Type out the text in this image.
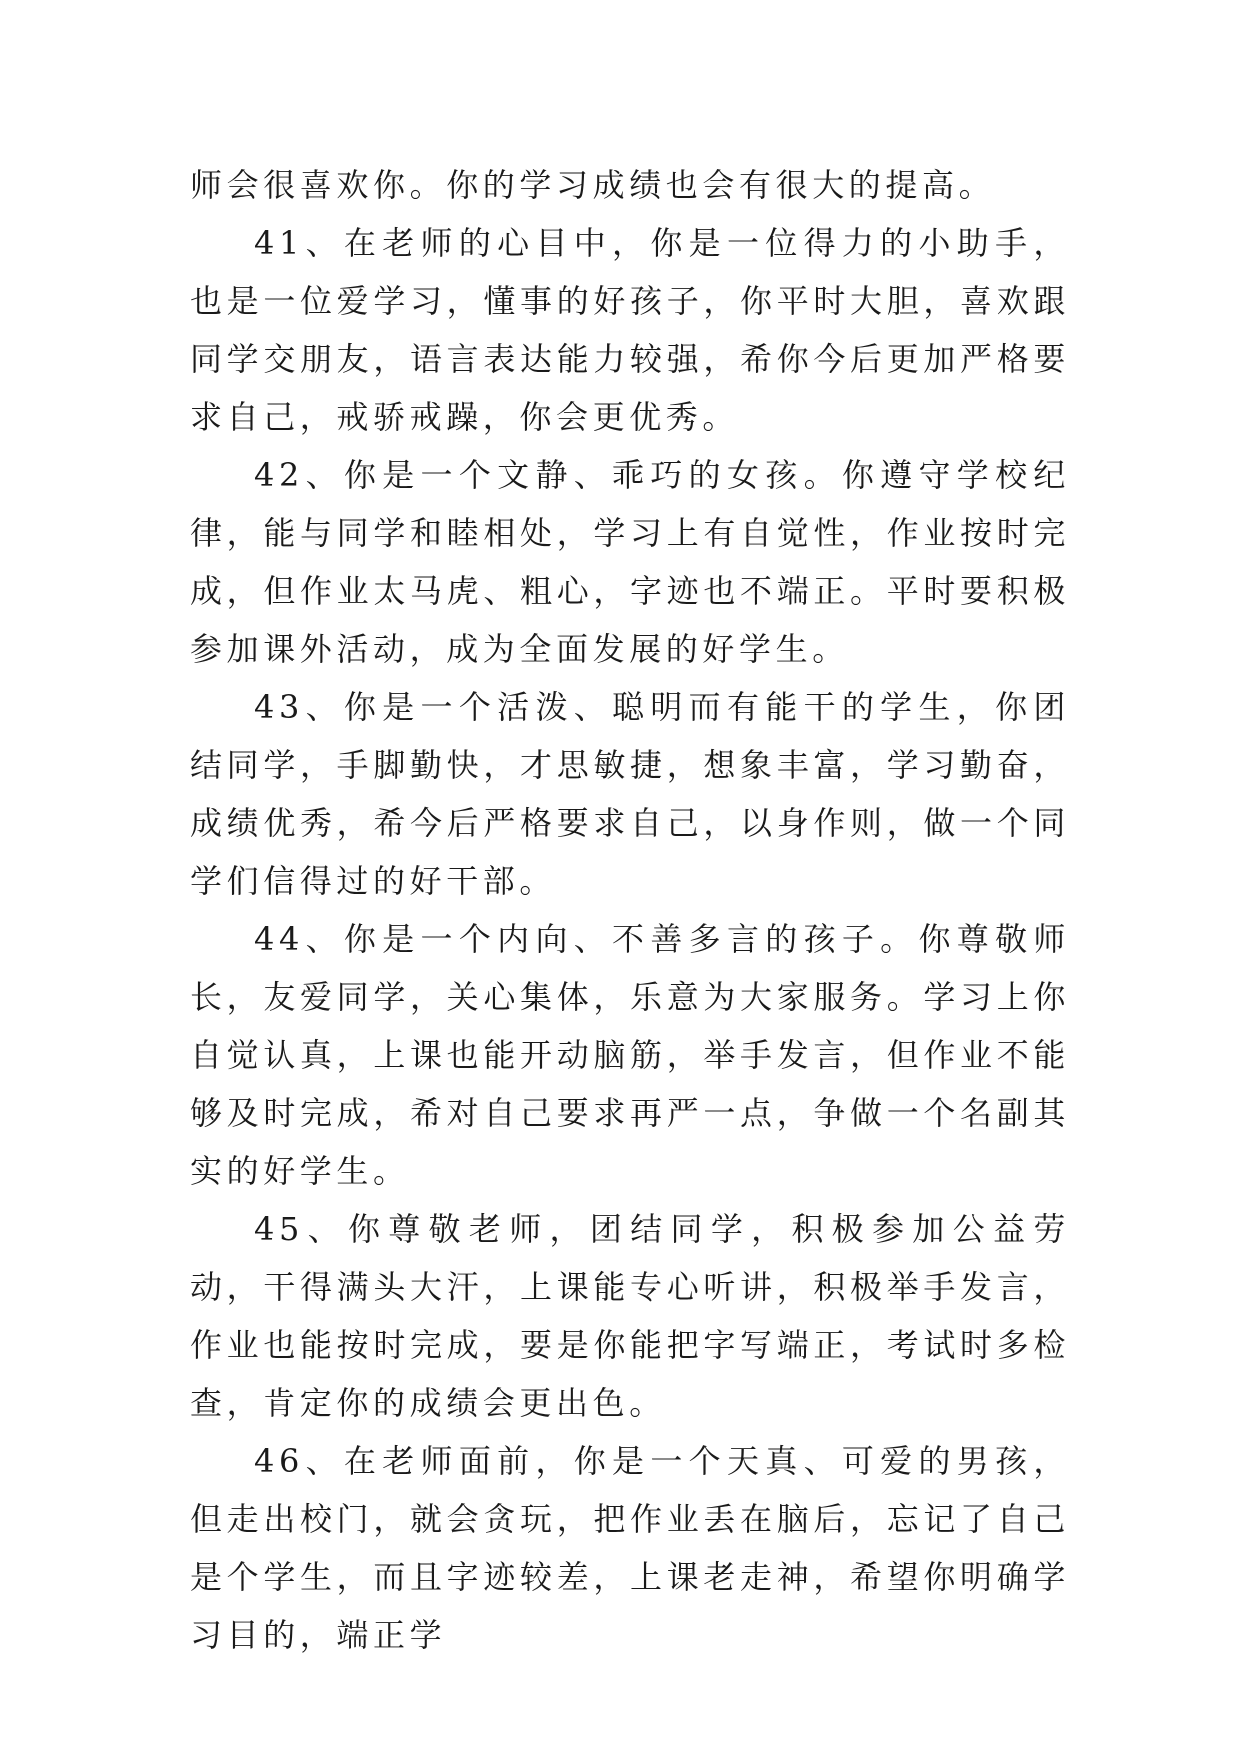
师会很喜欢你。你的学习成绩也会有很大的提高。

41、在老师的心目中，你是一位得力的小助手，也是一位爱学习，懂事的好孩子，你平时大胆，喜欢跟同学交朋友，语言表达能力较强，希你今后更加严格要求自己，戒骄戒躁，你会更优秀。

42、你是一个文静、乖巧的女孩。你遵守学校纪律，能与同学和睦相处，学习上有自觉性，作业按时完成，但作业太马虎、粗心，字迹也不端正。平时要积极参加课外活动，成为全面发展的好学生。

43、你是一个活泼、聪明而有能干的学生，你团结同学，手脚勤快，才思敏捷，想象丰富，学习勤奋，成绩优秀，希今后严格要求自己，以身作则，做一个同学们信得过的好干部。

44、你是一个内向、不善多言的孩子。你尊敬师长，友爱同学，关心集体，乐意为大家服务。学习上你自觉认真，上课也能开动脑筋，举手发言，但作业不能够及时完成，希对自己要求再严一点，争做一个名副其实的好学生。

45、你尊敬老师，团结同学，积极参加公益劳动，干得满头大汗，上课能专心听讲，积极举手发言，作业也能按时完成，要是你能把字写端正，考试时多检查，肯定你的成绩会更出色。

46、在老师面前，你是一个天真、可爱的男孩，但走出校门，就会贪玩，把作业丢在脑后，忘记了自己是个学生，而且字迹较差，上课老走神，希望你明确学习目的，端正学
